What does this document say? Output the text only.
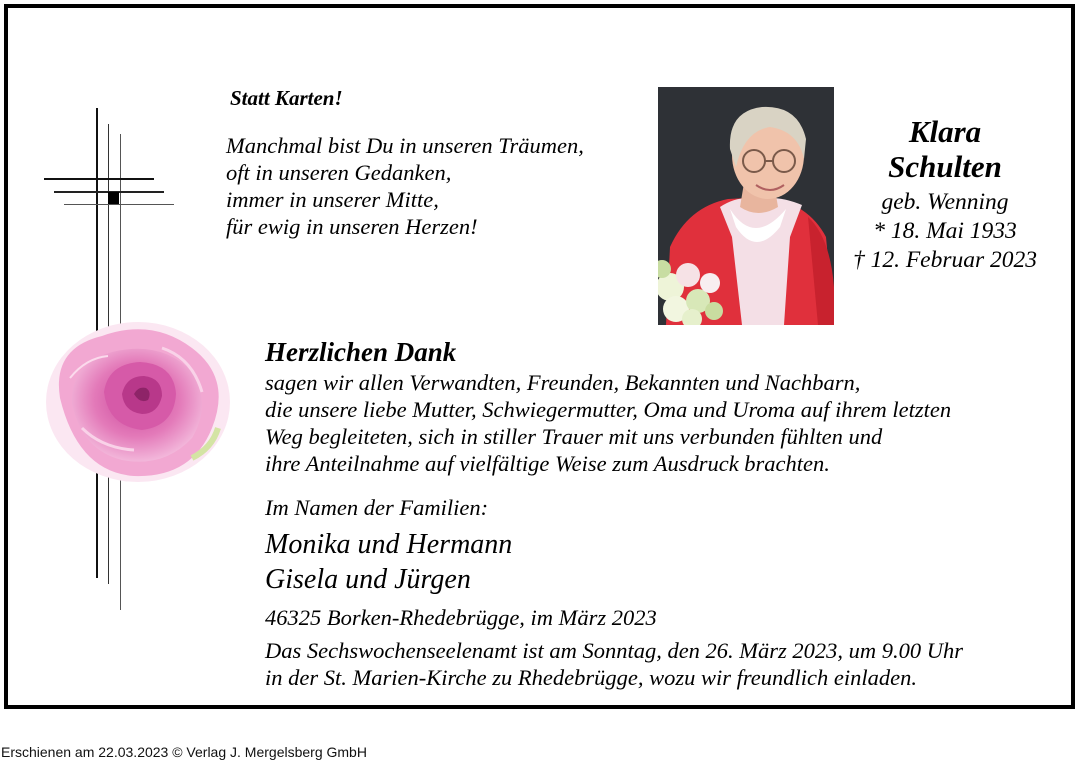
Statt Karten!
Manchmal bist Du in unseren Träumen,
oft in unseren Gedanken,
immer in unserer Mitte,
für ewig in unseren Herzen!
Klara
Schulten
geb. Wenning
* 18. Mai 1933
† 12. Februar 2023
Herzlichen Dank
sagen wir allen Verwandten, Freunden, Bekannten und Nachbarn,
die unsere liebe Mutter, Schwiegermutter, Oma und Uroma auf ihrem letzten
Weg begleiteten, sich in stiller Trauer mit uns verbunden fühlten und
ihre Anteilnahme auf vielfältige Weise zum Ausdruck brachten.
Im Namen der Familien:
Monika und Hermann
Gisela und Jürgen
46325 Borken-Rhedebrügge, im März 2023
Das Sechswochenseelenamt ist am Sonntag, den 26. März 2023, um 9.00 Uhr
in der St. Marien-Kirche zu Rhedebrügge, wozu wir freundlich einladen.
Erschienen am 22.03.2023 © Verlag J. Mergelsberg GmbH
